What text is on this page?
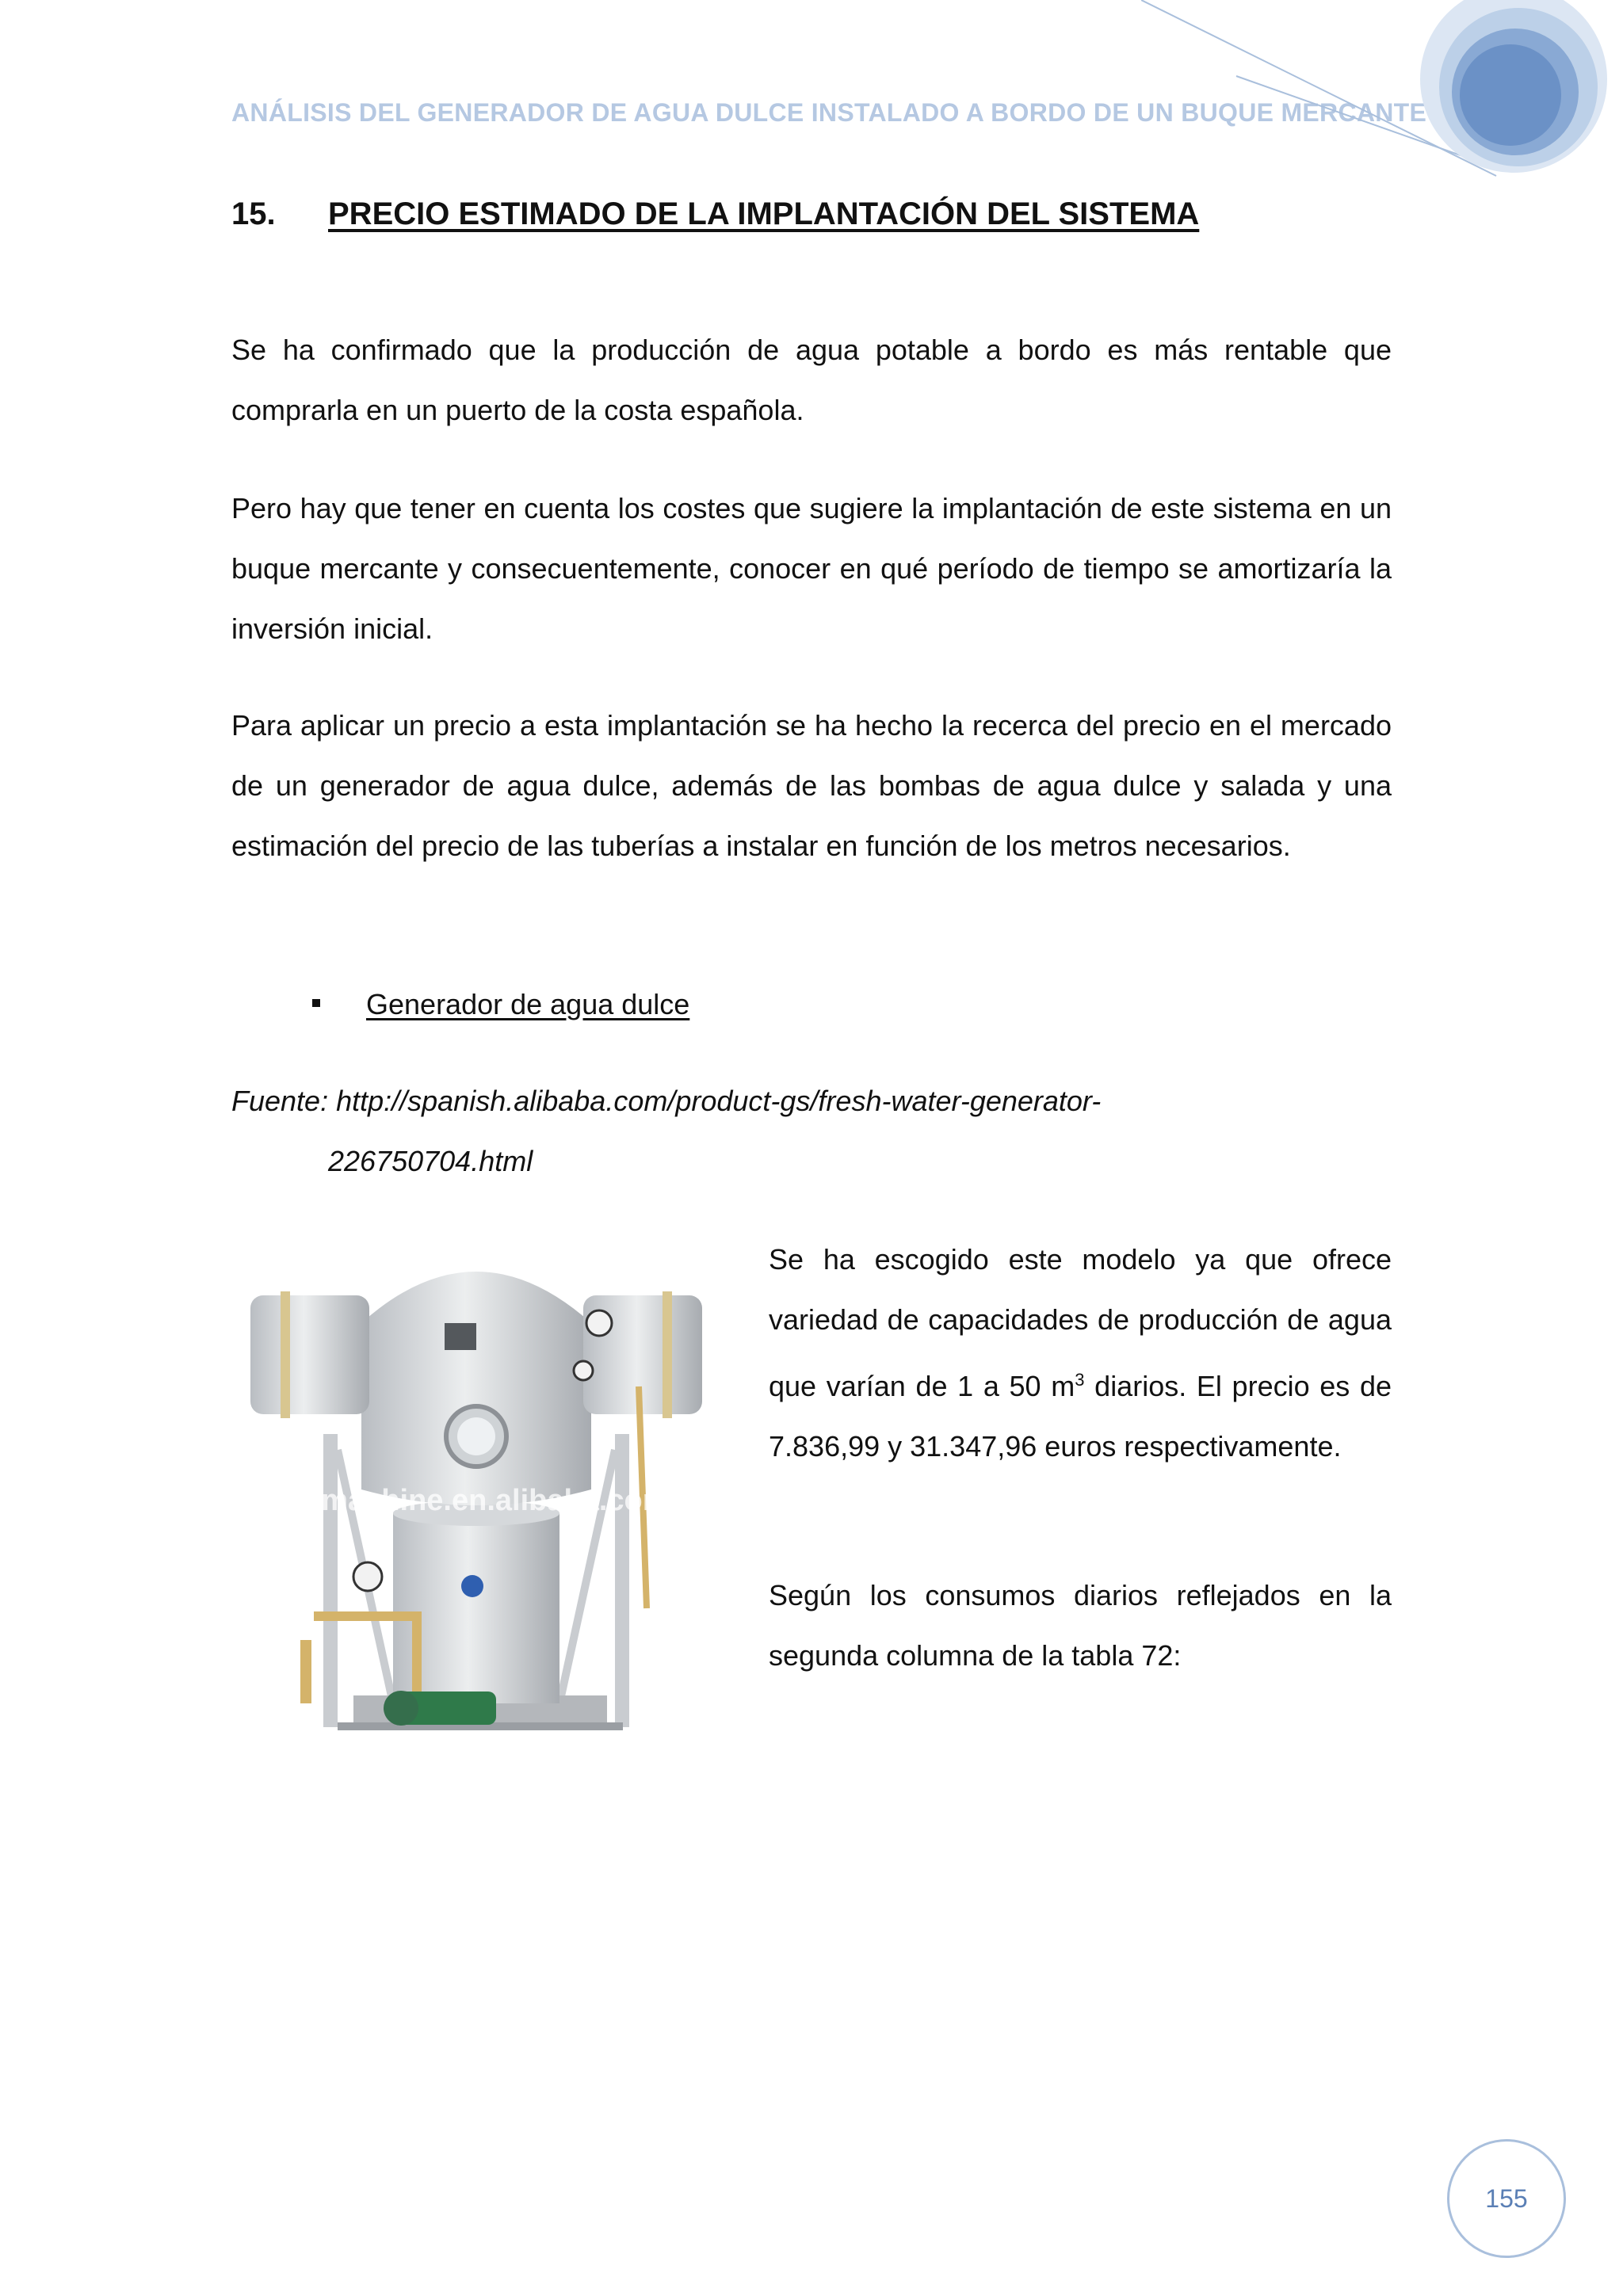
ANÁLISIS DEL GENERADOR DE AGUA DULCE INSTALADO A BORDO DE UN BUQUE MERCANTE
15. PRECIO ESTIMADO DE LA IMPLANTACIÓN DEL SISTEMA

Se ha confirmado que la producción de agua potable a bordo es más rentable que comprarla en un puerto de la costa española.

Pero hay que tener en cuenta los costes que sugiere la implantación de este sistema en un buque mercante y consecuentemente, conocer en qué período de tiempo se amortizaría la inversión inicial.

Para aplicar un precio a esta implantación se ha hecho la recerca del precio en el mercado de un generador de agua dulce, además de las bombas de agua dulce y salada y una estimación del precio de las tuberías a instalar en función de los metros necesarios.

Generador de agua dulce
Fuente: http://spanish.alibaba.com/product-gs/fresh-water-generator-
226750704.html
langemachine.en.alibaba.com

Se ha escogido este modelo ya que ofrece variedad de capacidades de producción de agua que varían de 1 a 50 $m^3$ diarios. El precio es de 7.836,99 y 31.347,96 euros respectivamente.

Según los consumos diarios reflejados en la segunda columna de la tabla 72:

155
